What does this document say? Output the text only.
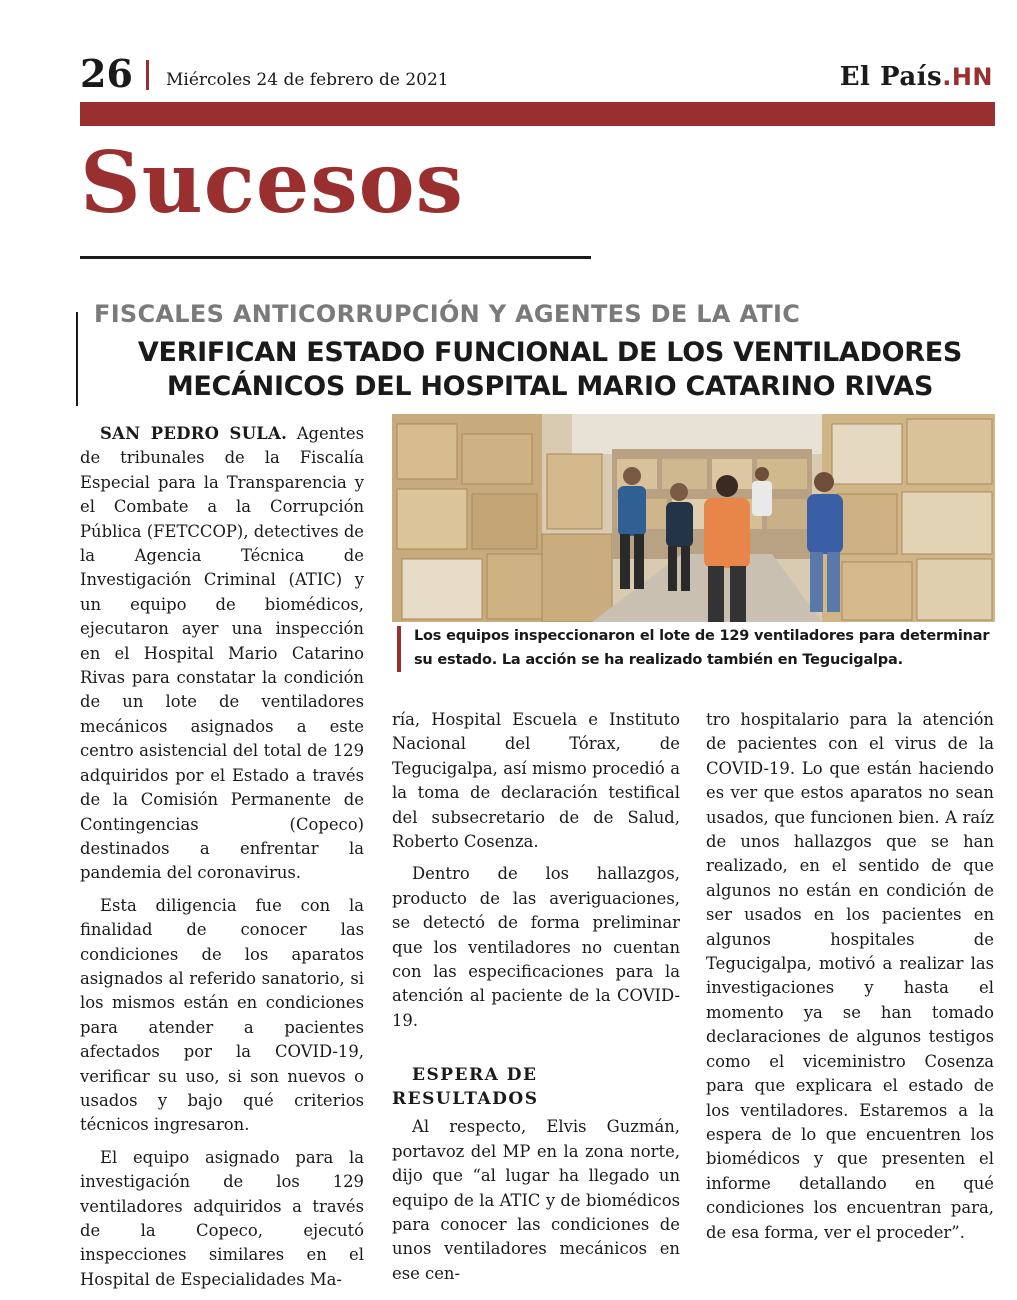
26 Miércoles 24 de febrero de 2021	El País.HN
Sucesos
FISCALES ANTICORRUPCIÓN Y AGENTES DE LA ATIC
VERIFICAN ESTADO FUNCIONAL DE LOS VENTILADORES MECÁNICOS DEL HOSPITAL MARIO CATARINO RIVAS

SAN PEDRO SULA. Agentes de tribunales de la Fiscalía Especial para la Transparencia y el Combate a la Corrupción Pública (FETCCOP), detectives de la Agencia Técnica de Investigación Criminal (ATIC) y un equipo de biomédicos, ejecutaron ayer una inspección en el Hospital Mario Catarino Rivas para constatar la condición de un lote de ventiladores mecánicos asignados a este centro asistencial del total de 129 adquiridos por el Estado a través de la Comisión Permanente de Contingencias (Copeco) destinados a enfrentar la pandemia del coronavirus.

Esta diligencia fue con la finalidad de conocer las condiciones de los aparatos asignados al referido sanatorio, si los mismos están en condiciones para atender a pacientes afectados por la COVID-19, verificar su uso, si son nuevos o usados y bajo qué criterios técnicos ingresaron.

El equipo asignado para la investigación de los 129 ventiladores adquiridos a través de la Copeco, ejecutó inspecciones similares en el Hospital de Especialidades Ma-

Los equipos inspeccionaron el lote de 129 ventiladores para determinar su estado. La acción se ha realizado también en Tegucigalpa.

ría, Hospital Escuela e Instituto Nacional del Tórax, de Tegucigalpa, así mismo procedió a la toma de declaración testifical del subsecretario de de Salud, Roberto Cosenza.

Dentro de los hallazgos, producto de las averiguaciones, se detectó de forma preliminar que los ventiladores no cuentan con las especificaciones para la atención al paciente de la COVID-19.

ESPERA DE RESULTADOS

Al respecto, Elvis Guzmán, portavoz del MP en la zona norte, dijo que “al lugar ha llegado un equipo de la ATIC y de biomédicos para conocer las condiciones de unos ventiladores mecánicos en ese cen-

tro hospitalario para la atención de pacientes con el virus de la COVID-19. Lo que están haciendo es ver que estos aparatos no sean usados, que funcionen bien. A raíz de unos hallazgos que se han realizado, en el sentido de que algunos no están en condición de ser usados en los pacientes en algunos hospitales de Tegucigalpa, motivó a realizar las investigaciones y hasta el momento ya se han tomado declaraciones de algunos testigos como el viceministro Cosenza para que explicara el estado de los ventiladores. Estaremos a la espera de lo que encuentren los biomédicos y que presenten el informe detallando en qué condiciones los encuentran para, de esa forma, ver el proceder”.
